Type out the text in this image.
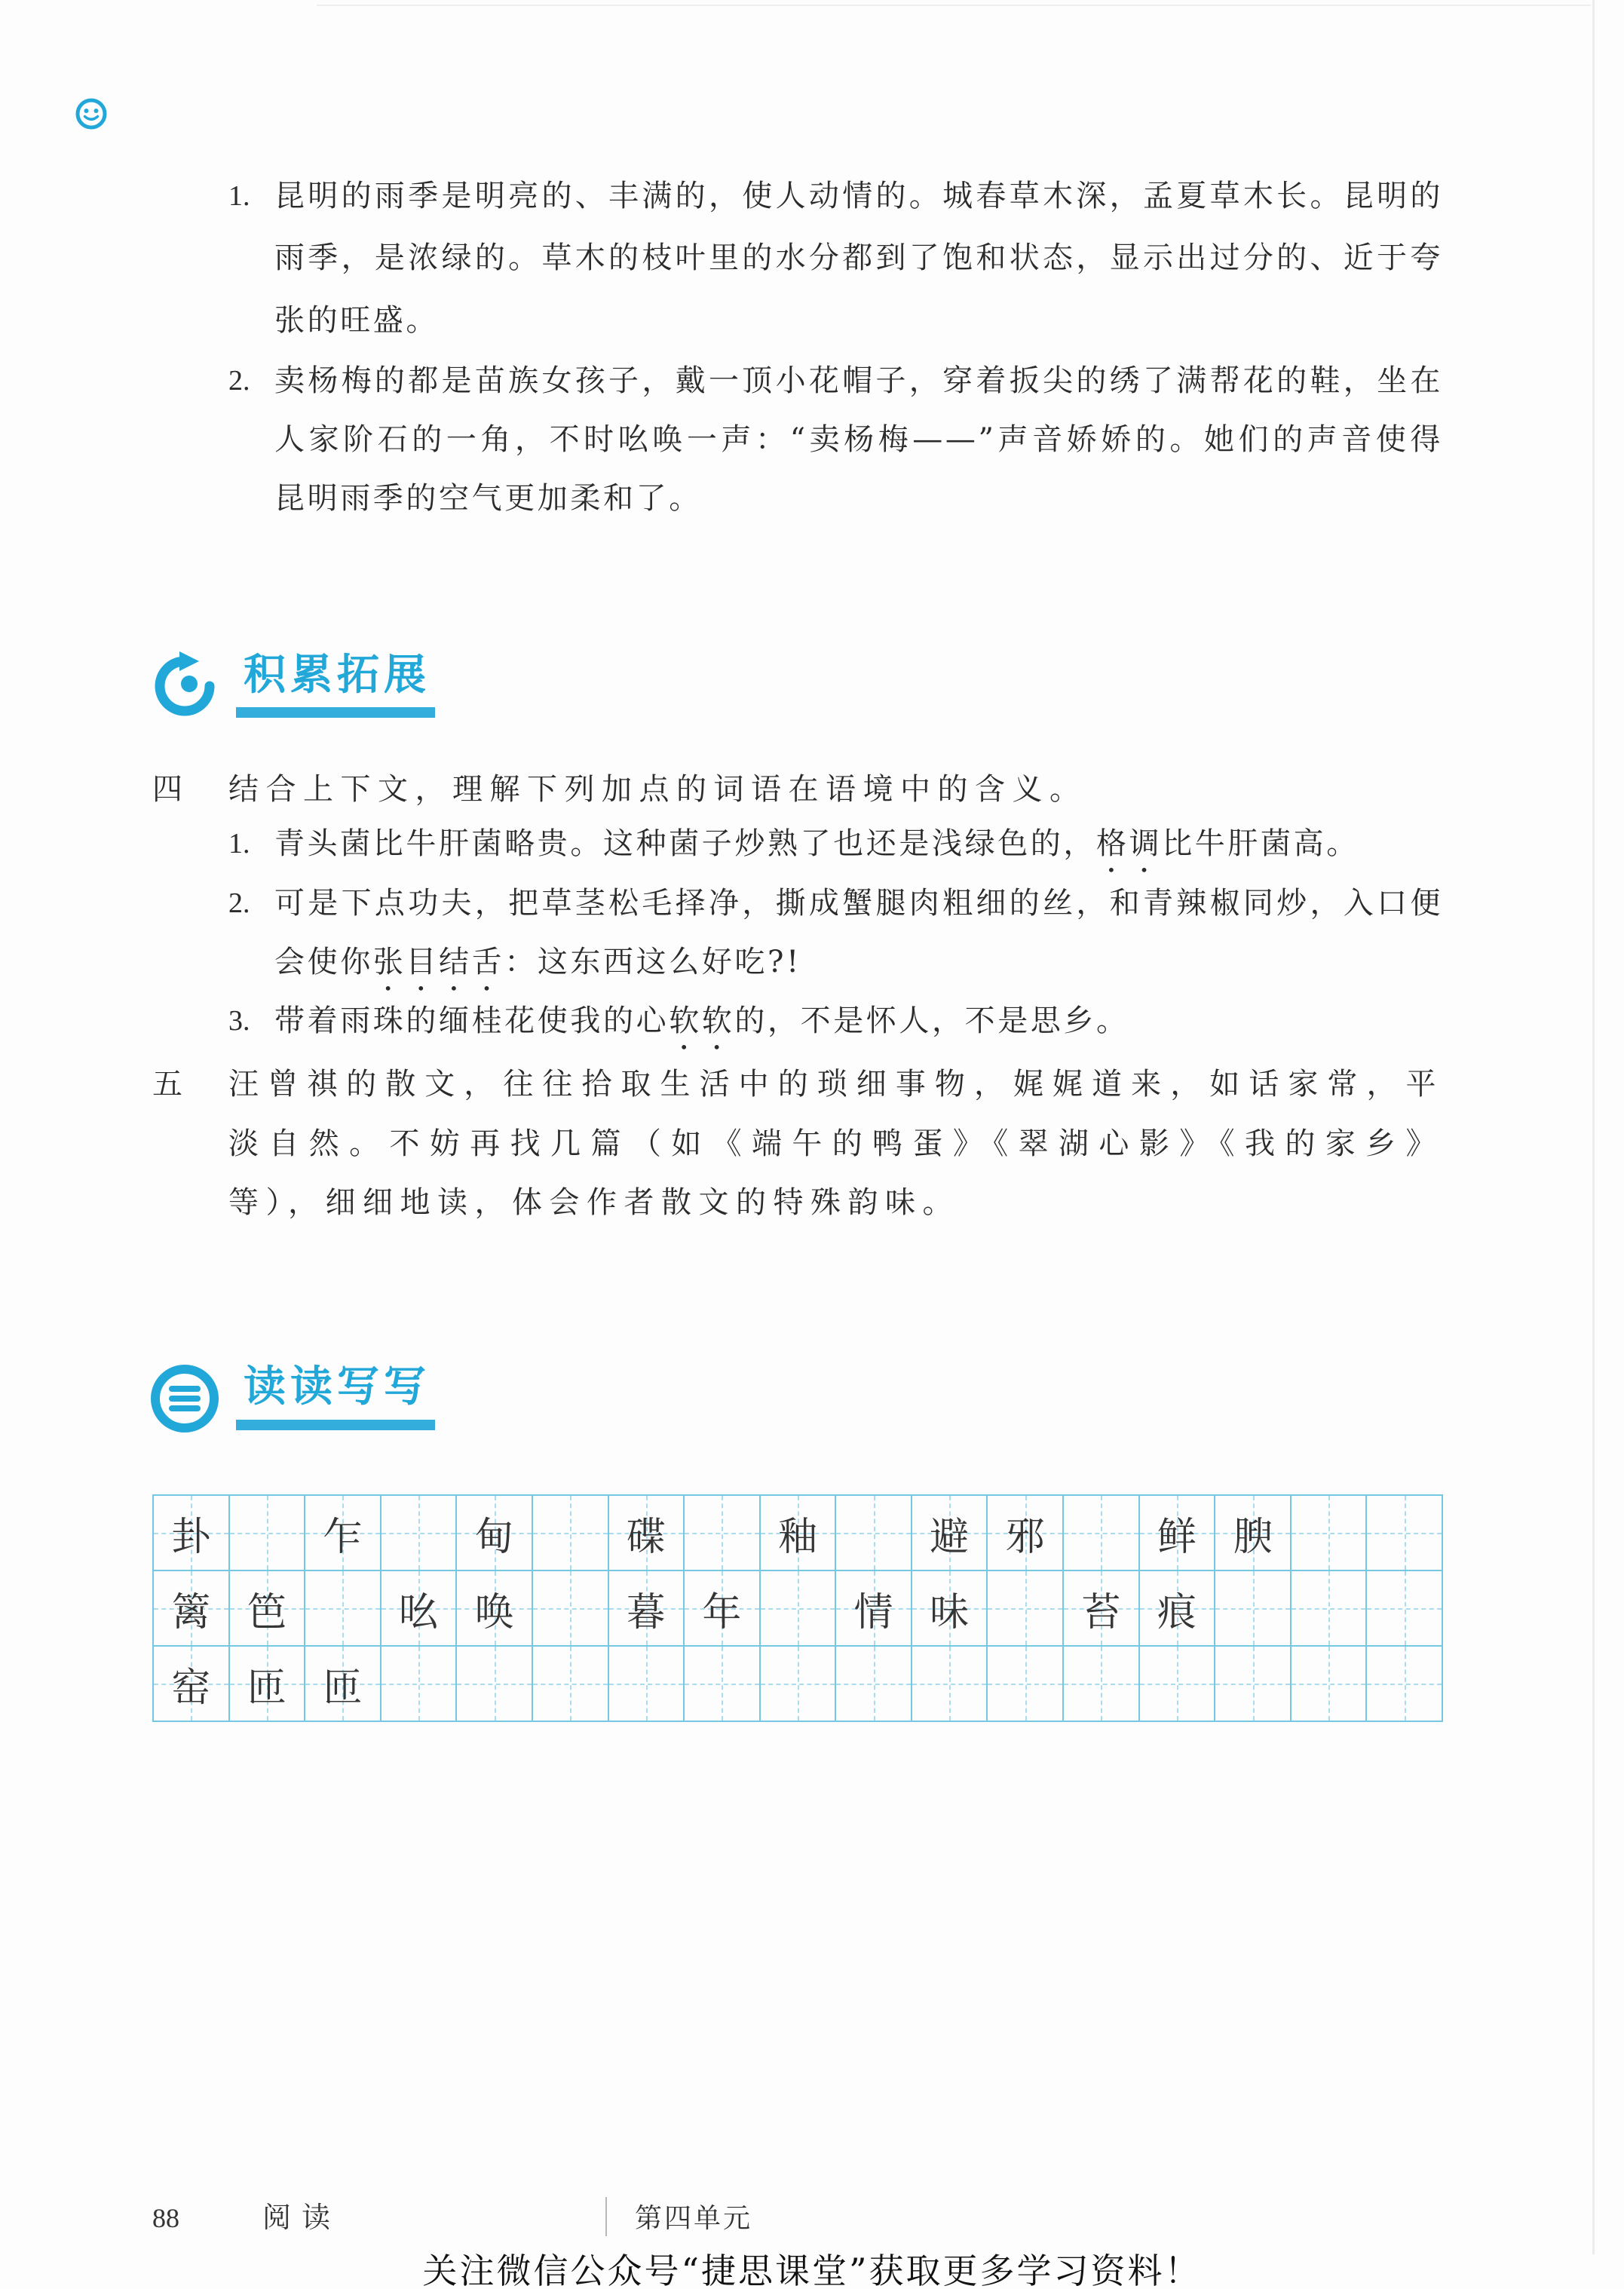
1. 昆明的雨季是明亮的、丰满的，使人动情的。城春草木深，孟夏草木长。昆明的
雨季，是浓绿的。草木的枝叶里的水分都到了饱和状态，显示出过分的、近于夸
张的旺盛。
2. 卖杨梅的都是苗族女孩子，戴一顶小花帽子，穿着扳尖的绣了满帮花的鞋，坐在
人家阶石的一角，不时吆唤一声：“卖杨梅——”声音娇娇的。她们的声音使得
昆明雨季的空气更加柔和了。
积累拓展
四 结合上下文，理解下列加点的词语在语境中的含义。
1. 青头菌比牛肝菌略贵。这种菌子炒熟了也还是浅绿色的，格调比牛肝菌高。
2. 可是下点功夫，把草茎松毛择净，撕成蟹腿肉粗细的丝，和青辣椒同炒，入口便
会使你张目结舌：这东西这么好吃?!
3. 带着雨珠的缅桂花使我的心软软的，不是怀人，不是思乡。
五 汪曾祺的散文，往往拾取生活中的琐细事物，娓娓道来，如话家常，平
淡自然。不妨再找几篇（如《端午的鸭蛋》《翠湖心影》《我的家乡》
等），细细地读，体会作者散文的特殊韵味。
读读写写
卦	乍	甸	碟	釉	避 邪	鲜 腴
篱 笆	吆 唤	暮 年	情 味	苔 痕
窑 匝 匝
88	阅读	第四单元
关注微信公众号“捷思课堂”获取更多学习资料！
